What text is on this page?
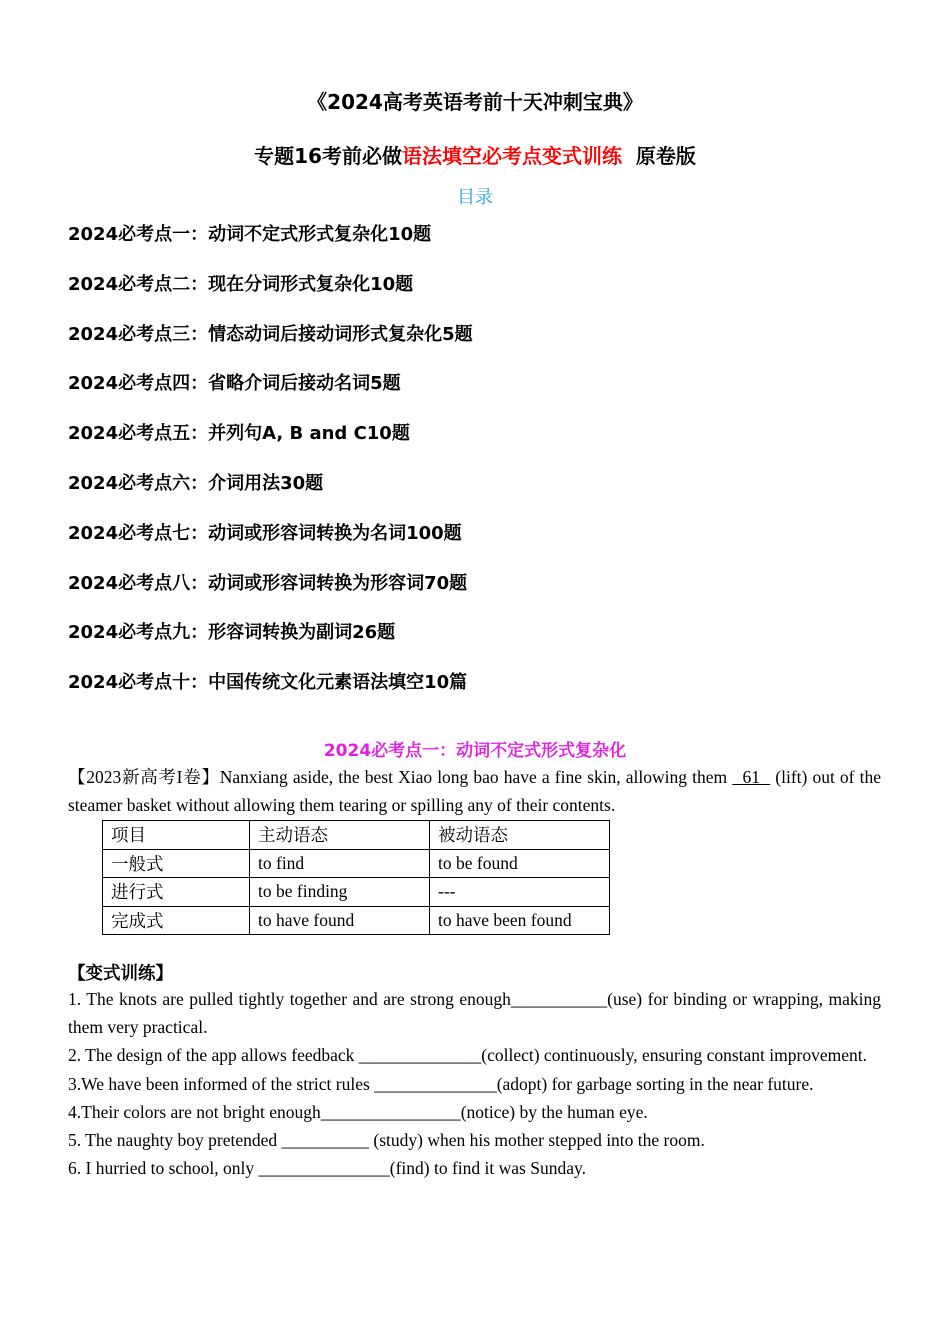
《2024高考英语考前十天冲刺宝典》
专题16考前必做语法填空必考点变式训练 原卷版
目录
2024必考点一：动词不定式形式复杂化10题
2024必考点二：现在分词形式复杂化10题
2024必考点三：情态动词后接动词形式复杂化5题
2024必考点四：省略介词后接动名词5题
2024必考点五：并列句A, B and C10题
2024必考点六：介词用法30题
2024必考点七：动词或形容词转换为名词100题
2024必考点八：动词或形容词转换为形容词70题
2024必考点九：形容词转换为副词26题
2024必考点十：中国传统文化元素语法填空10篇
2024必考点一：动词不定式形式复杂化
【2023新高考I卷】Nanxiang aside, the best Xiao long bao have a fine skin, allowing them   61   (lift) out of the steamer basket without allowing them tearing or spilling any of their contents.
项目	主动语态	被动语态
一般式	to find	to be found
进行式	to be finding	---
完成式	to have found	to have been found
【变式训练】
1. The knots are pulled tightly together and are strong enough___________(use) for binding or wrapping, making them very practical.
2. The design of the app allows feedback ______________(collect) continuously, ensuring constant improvement.
3.We have been informed of the strict rules ______________(adopt) for garbage sorting in the near future.
4.Their colors are not bright enough________________(notice) by the human eye.
5. The naughty boy pretended __________ (study) when his mother stepped into the room.
6. I hurried to school, only _______________(find) to find it was Sunday.
